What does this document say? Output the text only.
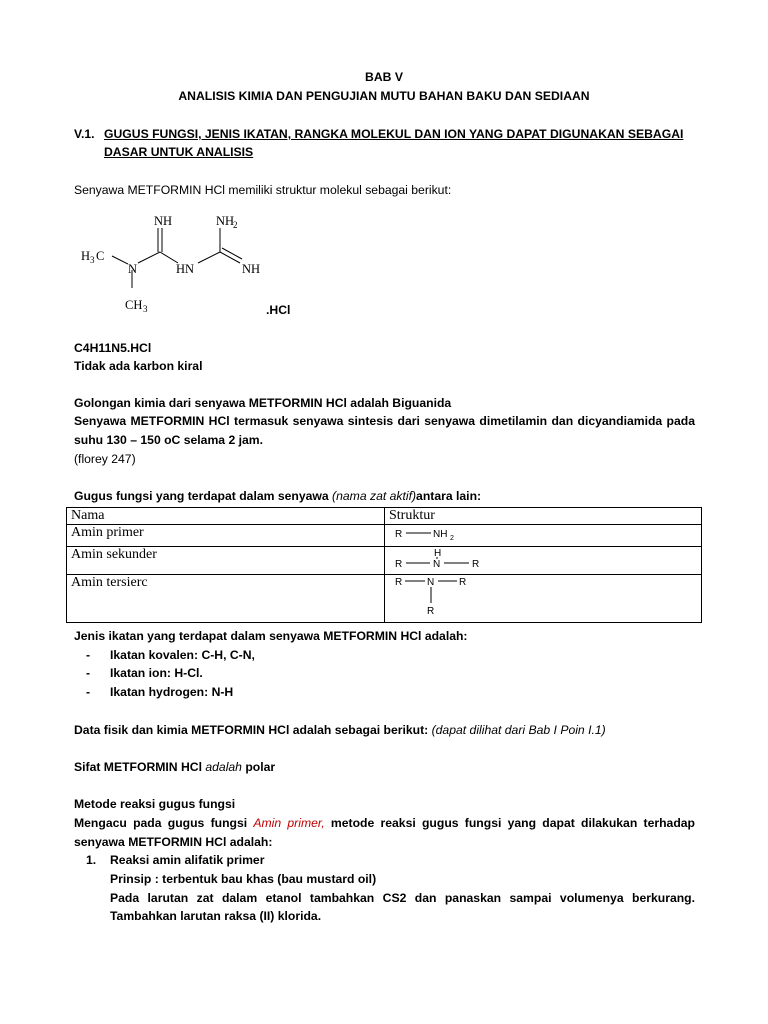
BAB V
ANALISIS KIMIA DAN PENGUJIAN MUTU BAHAN BAKU DAN SEDIAAN
V.1. GUGUS FUNGSI, JENIS IKATAN, RANGKA MOLEKUL DAN ION YANG DAPAT DIGUNAKAN SEBAGAI
DASAR UNTUK ANALISIS
Senyawa METFORMIN HCl memiliki struktur molekul sebagai berikut:
NH	NH
2
H 3 C
N	HN	NH
CH 3	.HCl
C4H11N5.HCl
Tidak ada karbon kiral
Golongan kimia dari senyawa METFORMIN HCl adalah Biguanida
Senyawa METFORMIN HCl termasuk senyawa sintesis dari senyawa dimetilamin dan dicyandiamida pada
suhu 130 – 150 oC selama 2 jam.
(florey 247)
Gugus fungsi yang terdapat dalam senyawa (nama zat aktif)antara lain:
Nama	Struktur
Amin primer	R NH 2

Amin sekunder	H
R N R

Amin tersierc	R N R
R
Jenis ikatan yang terdapat dalam senyawa METFORMIN HCl adalah:
- Ikatan kovalen: C-H, C-N,
- Ikatan ion: H-Cl.
- Ikatan hydrogen: N-H
Data fisik dan kimia METFORMIN HCl adalah sebagai berikut: (dapat dilihat dari Bab I Poin I.1)
Sifat METFORMIN HCl adalah polar
Metode reaksi gugus fungsi
Mengacu pada gugus fungsi Amin primer, metode reaksi gugus fungsi yang dapat dilakukan terhadap
senyawa METFORMIN HCl adalah:
1. Reaksi amin alifatik primer
Prinsip : terbentuk bau khas (bau mustard oil)
Pada larutan zat dalam etanol tambahkan CS2 dan panaskan sampai volumenya berkurang.
Tambahkan larutan raksa (II) klorida.
